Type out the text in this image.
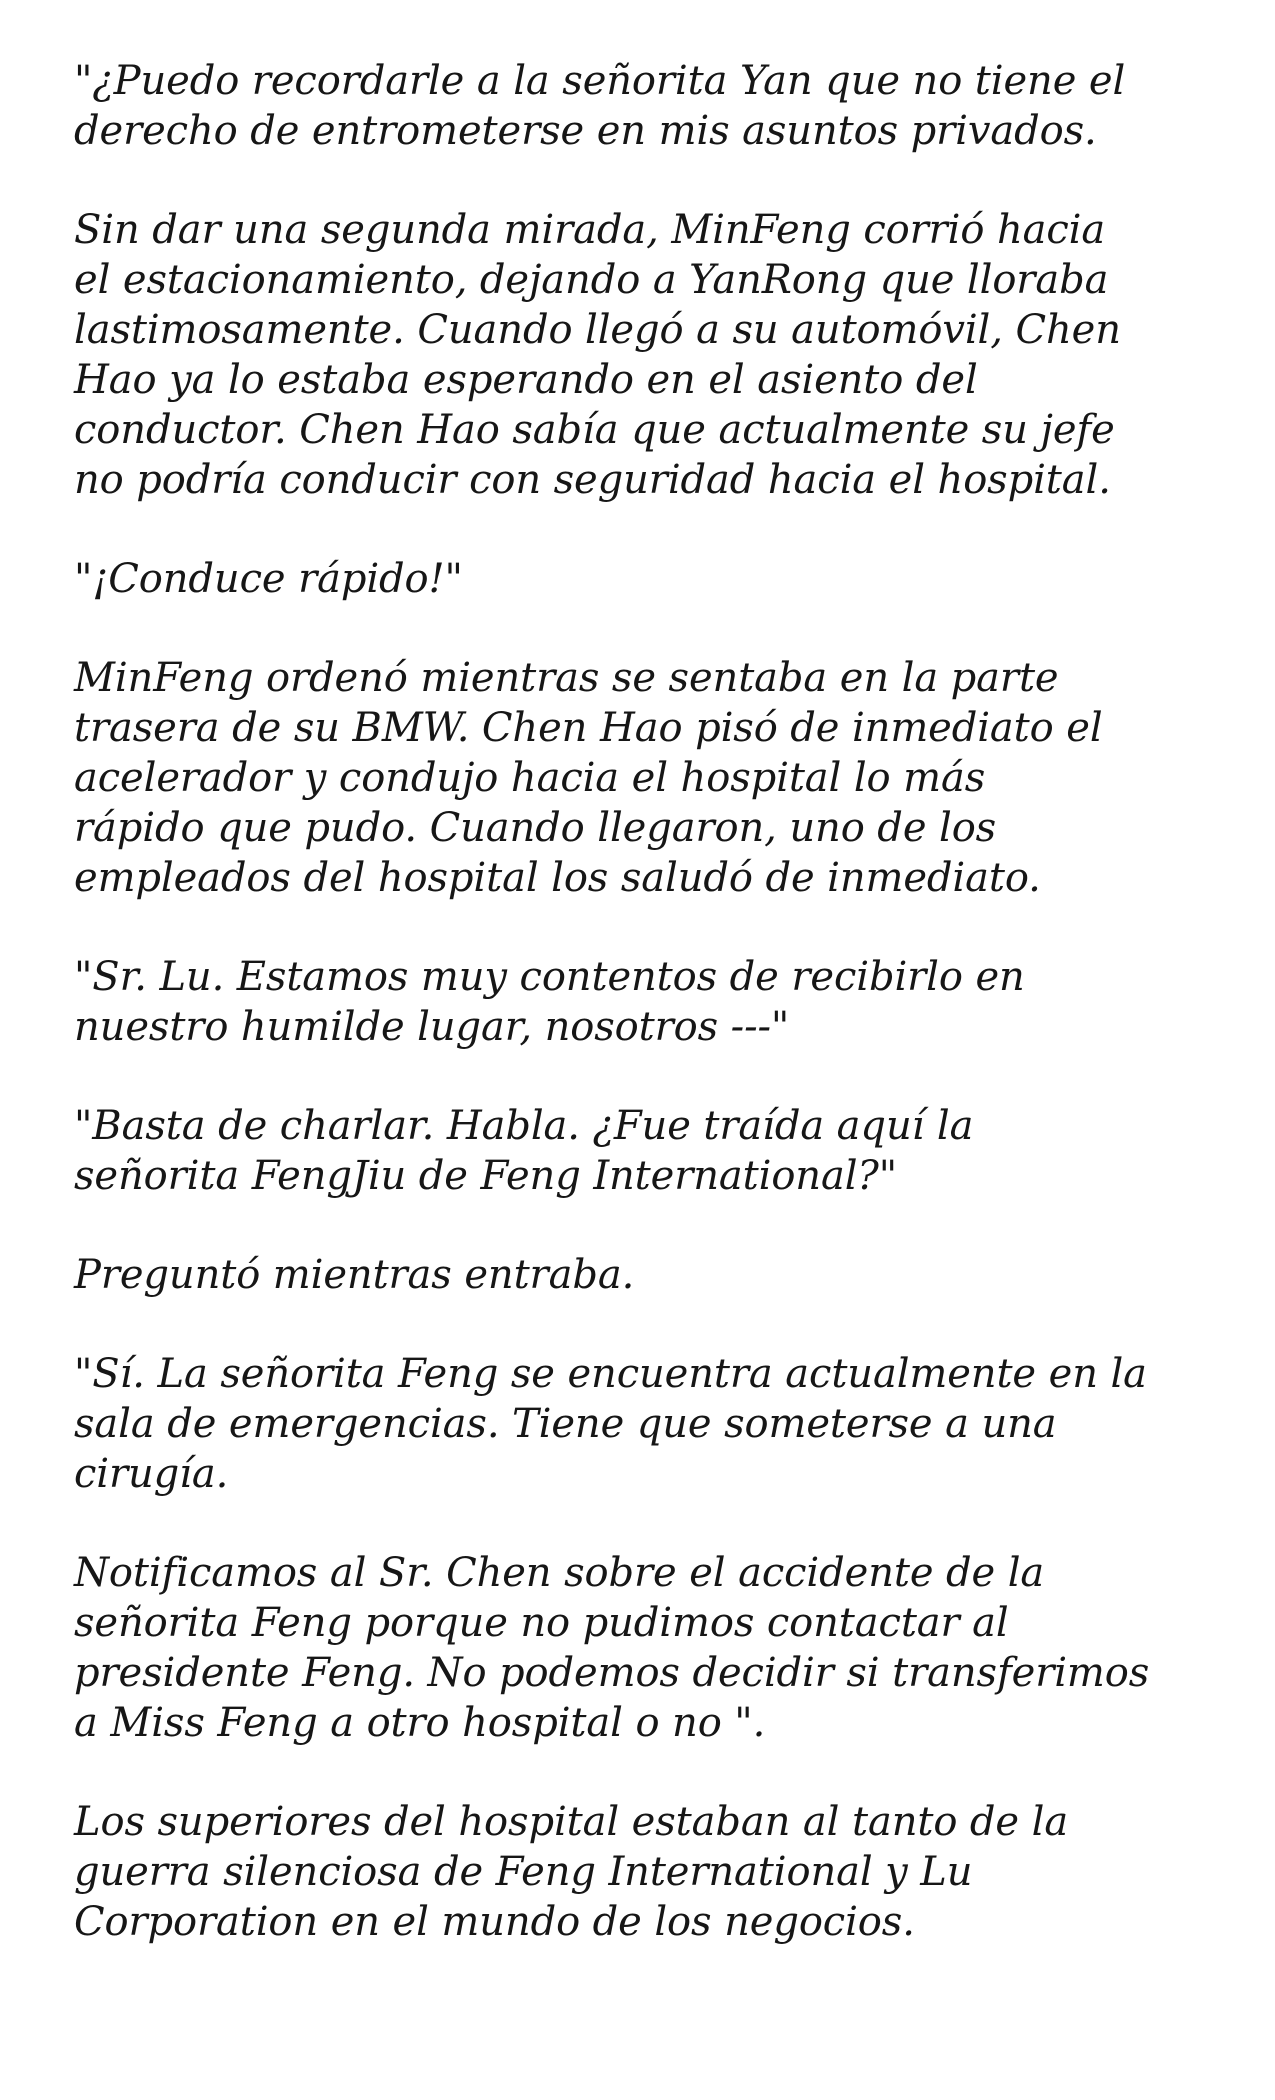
"¿Puedo recordarle a la señorita Yan que no tiene el
derecho de entrometerse en mis asuntos privados.

Sin dar una segunda mirada, MinFeng corrió hacia
el estacionamiento, dejando a YanRong que lloraba
lastimosamente. Cuando llegó a su automóvil, Chen
Hao ya lo estaba esperando en el asiento del
conductor. Chen Hao sabía que actualmente su jefe
no podría conducir con seguridad hacia el hospital.

"¡Conduce rápido!"

MinFeng ordenó mientras se sentaba en la parte
trasera de su BMW. Chen Hao pisó de inmediato el
acelerador y condujo hacia el hospital lo más
rápido que pudo. Cuando llegaron, uno de los
empleados del hospital los saludó de inmediato.

"Sr. Lu. Estamos muy contentos de recibirlo en
nuestro humilde lugar, nosotros ---"

"Basta de charlar. Habla. ¿Fue traída aquí la
señorita FengJiu de Feng International?"

Preguntó mientras entraba.

"Sí. La señorita Feng se encuentra actualmente en la
sala de emergencias. Tiene que someterse a una
cirugía.

Notificamos al Sr. Chen sobre el accidente de la
señorita Feng porque no pudimos contactar al
presidente Feng. No podemos decidir si transferimos
a Miss Feng a otro hospital o no ".

Los superiores del hospital estaban al tanto de la
guerra silenciosa de Feng International y Lu
Corporation en el mundo de los negocios.
